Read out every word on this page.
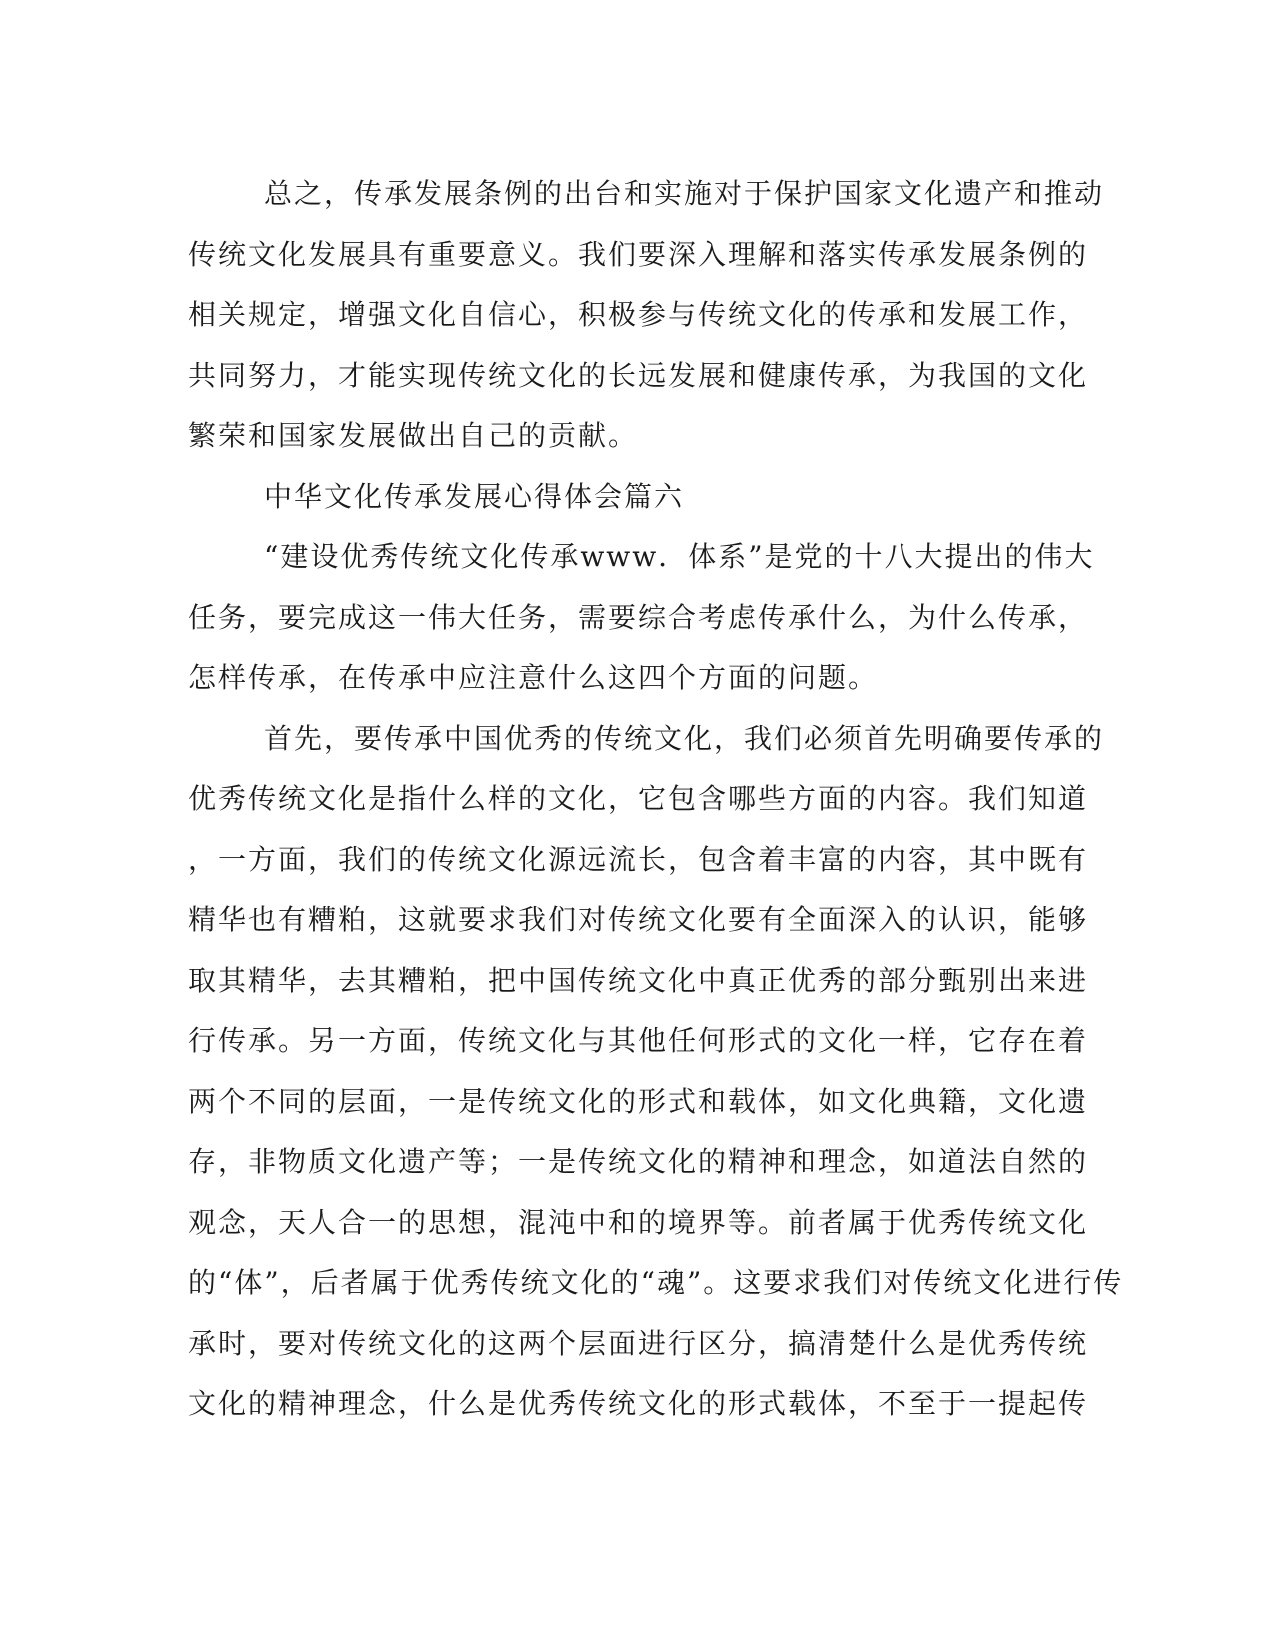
总之，传承发展条例的出台和实施对于保护国家文化遗产和推动
传统文化发展具有重要意义。我们要深入理解和落实传承发展条例的
相关规定，增强文化自信心，积极参与传统文化的传承和发展工作，
共同努力，才能实现传统文化的长远发展和健康传承，为我国的文化
繁荣和国家发展做出自己的贡献。
中华文化传承发展心得体会篇六
“建设优秀传统文化传承www．体系”是党的十八大提出的伟大
任务，要完成这一伟大任务，需要综合考虑传承什么，为什么传承，
怎样传承，在传承中应注意什么这四个方面的问题。
首先，要传承中国优秀的传统文化，我们必须首先明确要传承的
优秀传统文化是指什么样的文化，它包含哪些方面的内容。我们知道
，一方面，我们的传统文化源远流长，包含着丰富的内容，其中既有
精华也有糟粕，这就要求我们对传统文化要有全面深入的认识，能够
取其精华，去其糟粕，把中国传统文化中真正优秀的部分甄别出来进
行传承。另一方面，传统文化与其他任何形式的文化一样，它存在着
两个不同的层面，一是传统文化的形式和载体，如文化典籍，文化遗
存，非物质文化遗产等；一是传统文化的精神和理念，如道法自然的
观念，天人合一的思想，混沌中和的境界等。前者属于优秀传统文化
的“体”，后者属于优秀传统文化的“魂”。这要求我们对传统文化进行传
承时，要对传统文化的这两个层面进行区分，搞清楚什么是优秀传统
文化的精神理念，什么是优秀传统文化的形式载体，不至于一提起传
